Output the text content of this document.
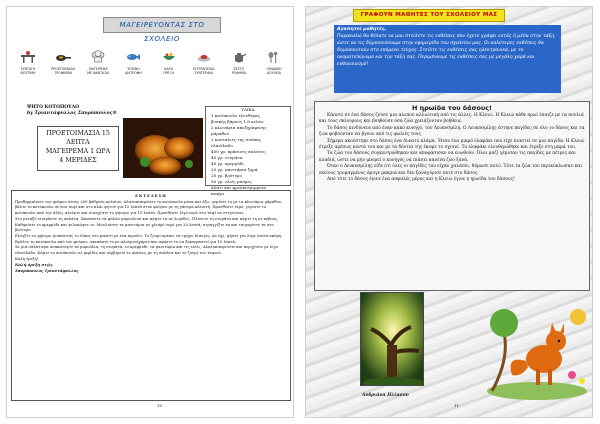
ΜΑΓΕΙΡΕΥΟΝΤΑΣ ΣΤΟ ΣΧΟΛΕΙΟ
ΣΥΝΤΑΓΗ
ΝΟΣΤΙΜΗ
ΠΡΟΕΤΟΙΜΑΣΙΑ
ΤΡΟΦΙΜΩΝ
ΜΑΓΕΙΡΕΜΑ
ΜΕ ΦΑΝΤΑΣΙΑ
ΥΓΙΕΙΝΗ
ΔΙΑΤΡΟΦΗ
ΚΑΛΗ
ΟΡΕΞΗ
ΕΠΙΤΡΑΠΕΖΙΑ
ΣΥΝΤΡΟΦΙΑ
ΖΕΣΤΟ
ΡΟΦΗΜΑ
ΟΜΑΔΙΚΗ
ΔΟΥΛΕΙΑ
ΨΗΤΟ ΚΟΤΟΠΟΥΛΟ
by Τριαντάφυλλος Σπυρόπουλος®
ΠΡΟΕΤΟΙΜΑΣΙΑ 15
ΛΕΠΤΑ
ΜΑΓΕΙΡΕΜΑ 1 ΩΡΑ
4 ΜΕΡΙΔΕΣ
ΥΛΙΚΑ
1 κοτόπουλο ελευθέρας
βοσκής βάρους 1,8 κιλών
2 κλωνάρια αποξηραμένης
μάραθου
2 κουταλιές της σούπας
ελαιόλαδο
400 γρ. πράσινες σαλάτες
40 γρ. ντομάτα
40 γρ. κρεμμύδι
20 γρ. μανιτάρια ξηρά
20 γρ. βούτυρο
50 γρ. ελιές μαύρες
αλάτι και φρεσκοτριμμένο
πιπέρι
ΕΚΤΕΛΕΣΗ

Προθερμαίνετε τον φούρνο στους 200 βαθμούς κελσίου. Αλατοπιπερώστε το κοτόπουλο μέσα και έξω, γεμίστε το με τα κλωνάρια μάραθου, βάλτε το κοτόπουλο σε ένα ταψί και στο πλάι ψητού για 15 λεπτά στον φούρνο με τη γάστρα κλειστή. Προσθέστε νερό, γυρίστε το κοτόπουλο από την άλλη, αλείψτε και συνεχίστε το ψήσιμο για 15 λεπτά. Προσθέστε λίγο νερό στο ταψί αν στεγνώσει.

Στο μεταξύ ετοιμάστε τη σαλάτα. Σκουπίστε τα φύλλα μαρουλιού και κόψτε τα σε λωρίδες. Πλύνετε τη ντομάτα και κόψτε τη σε κύβους. Καθαρίστε το κρεμμύδι και ψιλοκόψτε το. Μουλιάστε τα μανιτάρια σε χλιαρό νερό για 20 λεπτά, στραγγίξτε τα και τσιγαρίστε τα στο βούτυρο.

Ελέγξτε το ψήσιμο τρυπώντας το λίπος στο μπούτι με ένα πιρούνι. Το ζουμί πρέπει να τρέχει διαυγές. Αν όχι, ψήστε για λίγα λεπτά ακόμη. Βγάλτε το κοτόπουλο από τον φούρνο, σκεπάστε το με αλουμινόχαρτο και αφήστε το να ξεκουραστεί για 10 λεπτά.

Σε μια σαλατιέρα ανακατέψτε τα μαρούλια, τη ντομάτα, το κρεμμύδι, τα μανιτάρια και τις ελιές. Αλατοπιπερώστε και περιχύστε με λίγο ελαιόλαδο. Κόψτε το κοτόπουλο σε μερίδες και σερβίρετέ το αμέσως με τη σαλάτα και το ζουμί του ταψιού.

Καλή όρεξη!

Καλή όρεξη στ@ς
Σπυρόπουλος Τριαντάφυλλος
10
ΓΡΑΦΟΥΝ ΜΑΘΗΤΕΣ ΤΟΥ ΣΧΟΛΕΙΟΥ ΜΑΣ
Αγαπητοί μαθητές,
Παρακαλώ θα θέλατε να μου στείλετε τις εκθέσεις που έχετε γράψει εκτός ή μέσα στην τάξη, ώστε να τις δημοσιεύσουμε στην εφημερίδα του σχολείου μας. Οι καλύτερες εκθέσεις θα δημοσιευτούν στο επόμενο τεύχος. Στείλτε τις εκθέσεις σας ηλεκτρονικά, με το ονοματεπώνυμο και την τάξη σας. Περιμένουμε τις εκθέσεις σας με μεγάλη χαρά και ενθουσιασμό!
Η ηρωίδα του δάσους!

Κάποτε σε ένα δάσος ζούσε μια αλεπού αλλιώτικη από τις άλλες. Η Κλειώ. Η Κλειώ κάθε πρωί έπαιζε με τα πουλιά και τους σκίουρους και βοηθούσε όσα ζώα χρειάζονταν βοήθεια.

Το δάσος κινδύνευε από έναν κακό κυνηγό, τον Λευκοσμίλη. Ο Λευκοσμίλης έστηνε παγίδες σε όλο το δάσος και τα ζώα φοβούνταν να βγουν από τις φωλιές τους.

Σήμερα ακούστηκε στο δάσος ένα δυνατό κλάμα. Ήταν ένα μικρό ελαφάκι που είχε πιαστεί σε μια παγίδα. Η Κλειώ έτρεξε αμέσως κοντά του και με τα δόντια της έκοψε το σχοινί. Το ελαφάκι ελευθερώθηκε και έτρεξε στη μαμά του.

Τα ζώα του δάσους συγκεντρώθηκαν και αποφάσισαν να ενωθούν. Όλοι μαζί γέμισαν τις παγίδες με πέτρες και κλαδιά, ώστε να μην μπορεί ο κυνηγός να πιάσει κανένα ζώο ξανά.

Όταν ο Λευκοσμίλης είδε ότι όλες οι παγίδες του είχαν χαλάσει, θύμωσε πολύ. Τότε τα ζώα τον περικύκλωσαν και εκείνος τρομαγμένος έφυγε μακριά και δεν ξαναγύρισε ποτέ στο δάσος.

Από τότε το δάσος έγινε ένα ασφαλές μέρος και η Κλειώ έγινε η ηρωίδα του δάσους!

Ανδριάνα Ηλίασου
11
